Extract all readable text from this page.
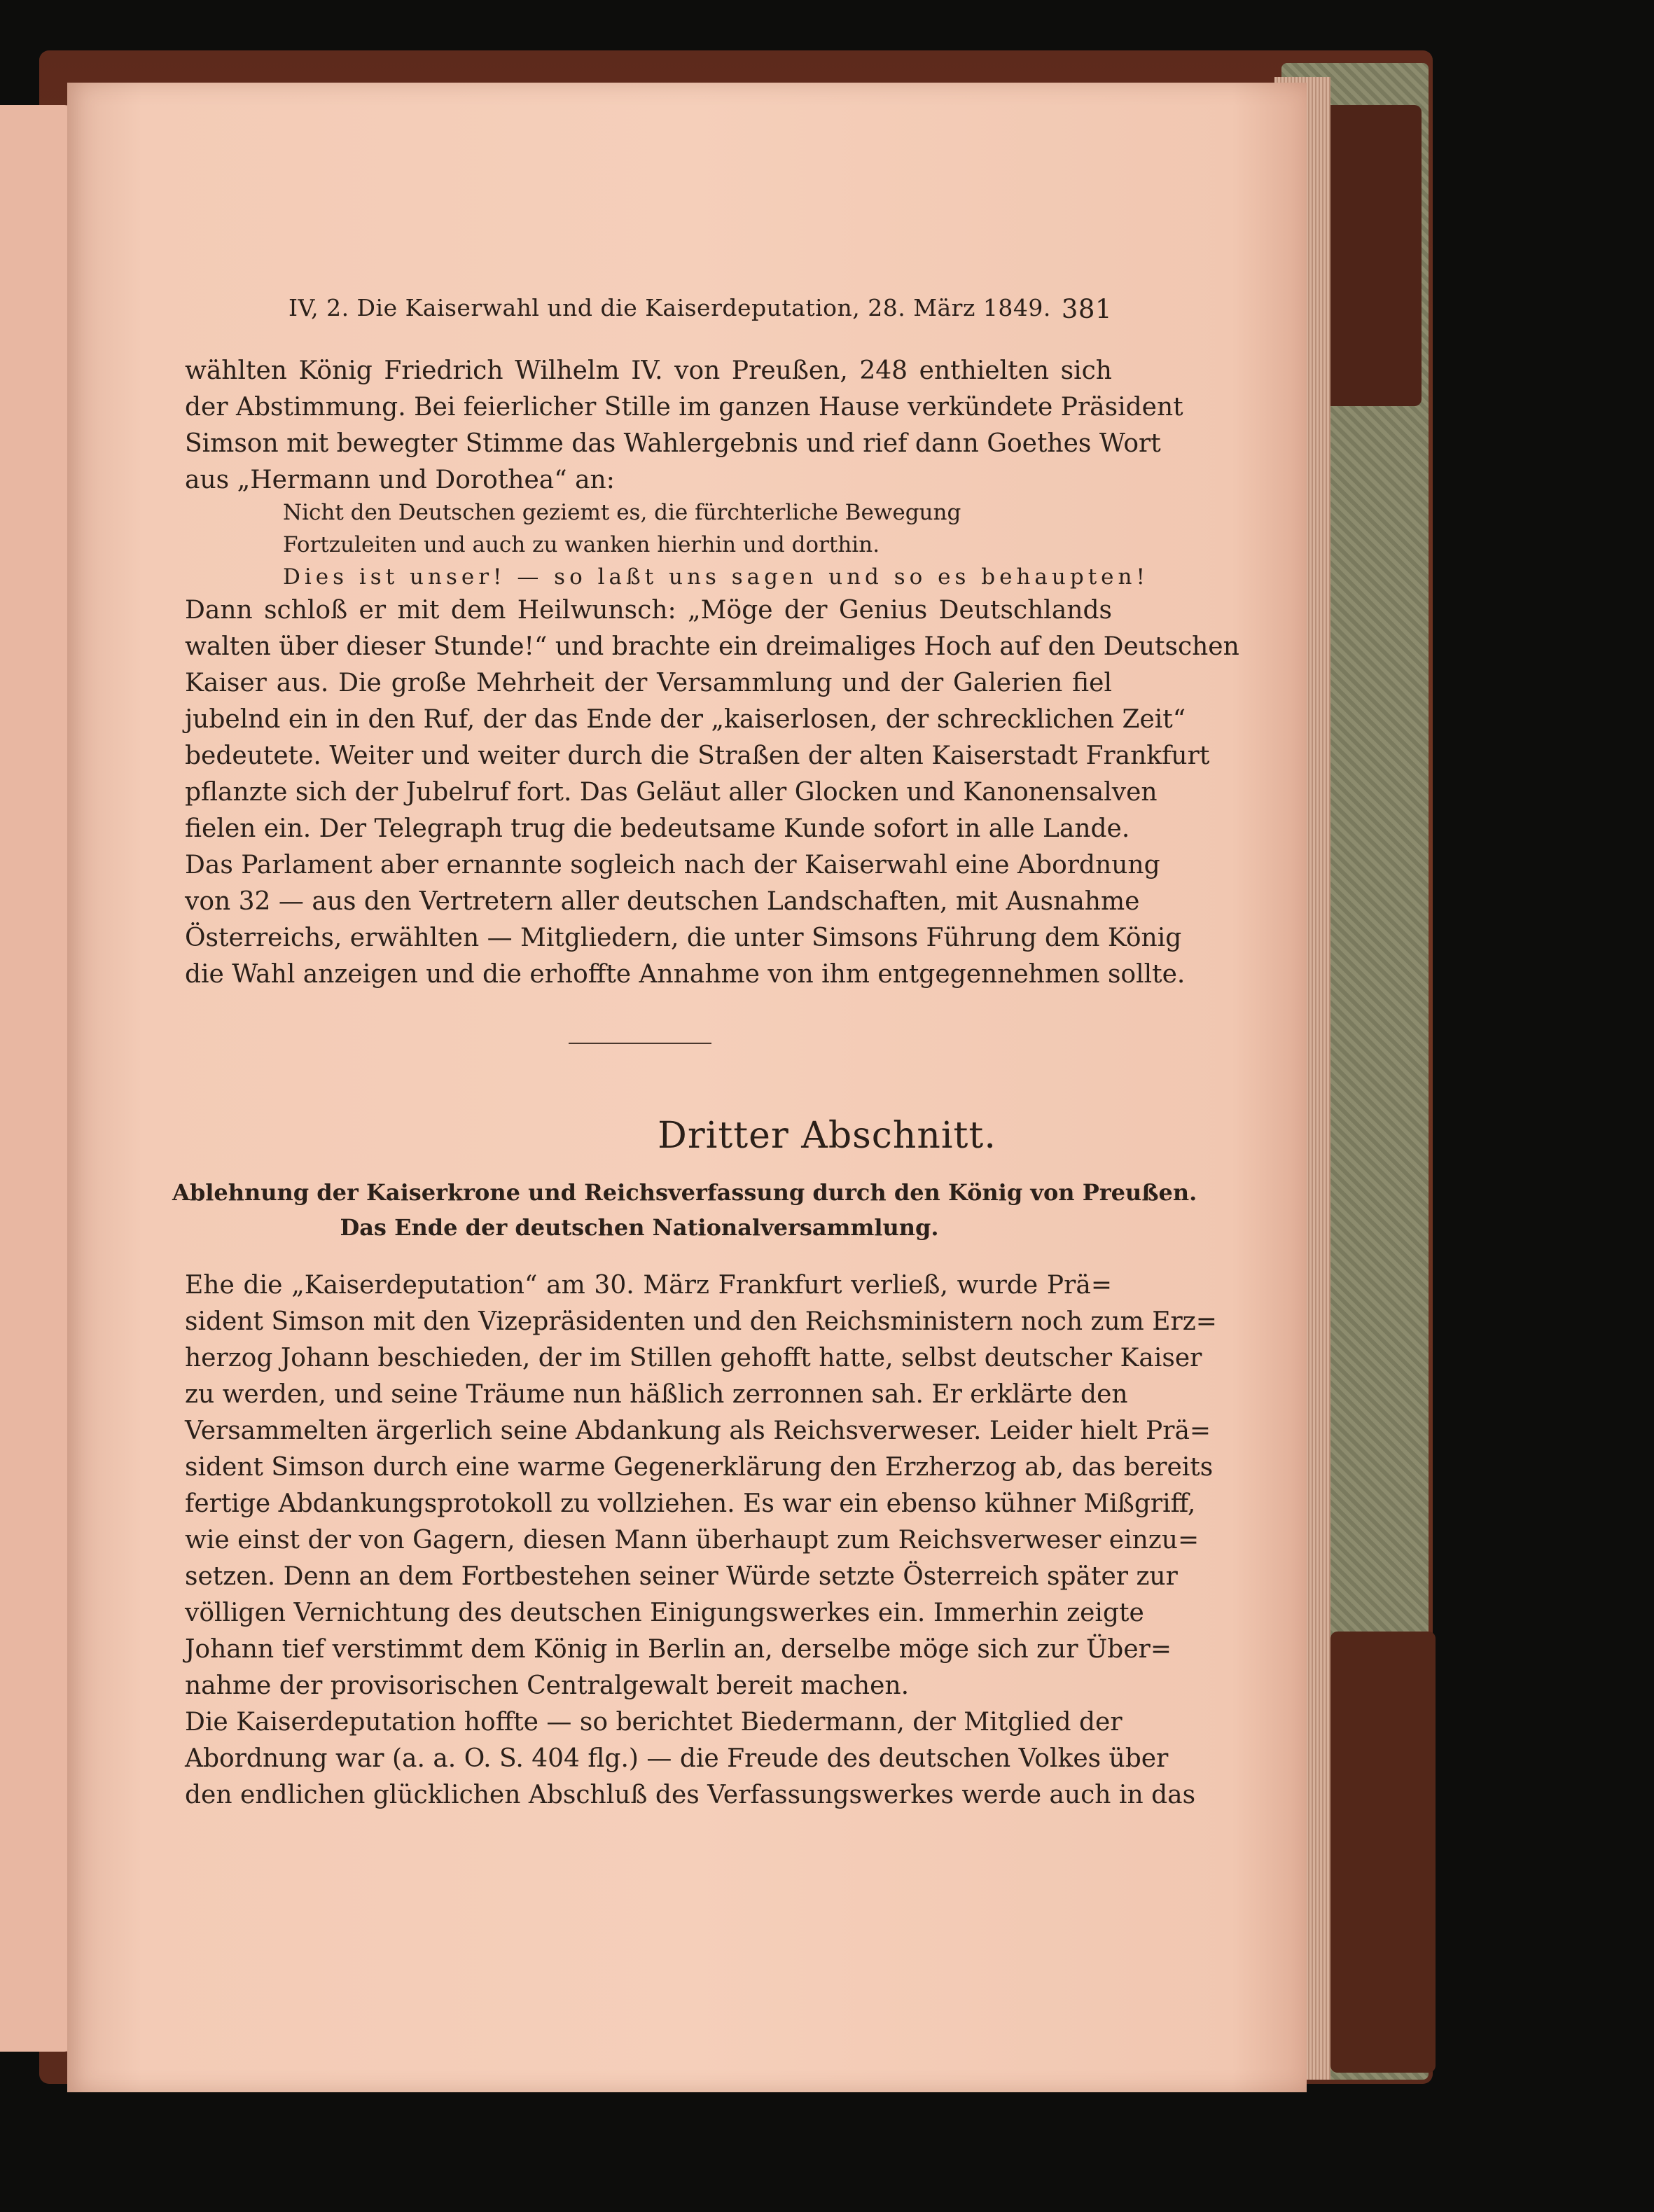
IV, 2. Die Kaiserwahl und die Kaiserdeputation, 28. März 1849. 381
wählten König Friedrich Wilhelm IV. von Preußen, 248 enthielten sich
der Abstimmung. Bei feierlicher Stille im ganzen Hause verkündete Präsident
Simson mit bewegter Stimme das Wahlergebnis und rief dann Goethes Wort
aus „Hermann und Dorothea“ an:
Nicht den Deutschen geziemt es, die fürchterliche Bewegung
Fortzuleiten und auch zu wanken hierhin und dorthin.
Dies ist unser! — so laßt uns sagen und so es behaupten!
Dann schloß er mit dem Heilwunsch: „Möge der Genius Deutschlands
walten über dieser Stunde!“ und brachte ein dreimaliges Hoch auf den Deutschen
Kaiser aus. Die große Mehrheit der Versammlung und der Galerien fiel
jubelnd ein in den Ruf, der das Ende der „kaiserlosen, der schrecklichen Zeit“
bedeutete. Weiter und weiter durch die Straßen der alten Kaiserstadt Frankfurt
pflanzte sich der Jubelruf fort. Das Geläut aller Glocken und Kanonensalven
fielen ein. Der Telegraph trug die bedeutsame Kunde sofort in alle Lande.
Das Parlament aber ernannte sogleich nach der Kaiserwahl eine Abordnung
von 32 — aus den Vertretern aller deutschen Landschaften, mit Ausnahme
Österreichs, erwählten — Mitgliedern, die unter Simsons Führung dem König
die Wahl anzeigen und die erhoffte Annahme von ihm entgegennehmen sollte.
Dritter Abschnitt.
Ablehnung der Kaiserkrone und Reichsverfassung durch den König von Preußen.
Das Ende der deutschen Nationalversammlung.
Ehe die „Kaiserdeputation“ am 30. März Frankfurt verließ, wurde Prä=
sident Simson mit den Vizepräsidenten und den Reichsministern noch zum Erz=
herzog Johann beschieden, der im Stillen gehofft hatte, selbst deutscher Kaiser
zu werden, und seine Träume nun häßlich zerronnen sah. Er erklärte den
Versammelten ärgerlich seine Abdankung als Reichsverweser. Leider hielt Prä=
sident Simson durch eine warme Gegenerklärung den Erzherzog ab, das bereits
fertige Abdankungsprotokoll zu vollziehen. Es war ein ebenso kühner Mißgriff,
wie einst der von Gagern, diesen Mann überhaupt zum Reichsverweser einzu=
setzen. Denn an dem Fortbestehen seiner Würde setzte Österreich später zur
völligen Vernichtung des deutschen Einigungswerkes ein. Immerhin zeigte
Johann tief verstimmt dem König in Berlin an, derselbe möge sich zur Über=
nahme der provisorischen Centralgewalt bereit machen.
Die Kaiserdeputation hoffte — so berichtet Biedermann, der Mitglied der
Abordnung war (a. a. O. S. 404 flg.) — die Freude des deutschen Volkes über
den endlichen glücklichen Abschluß des Verfassungswerkes werde auch in das
